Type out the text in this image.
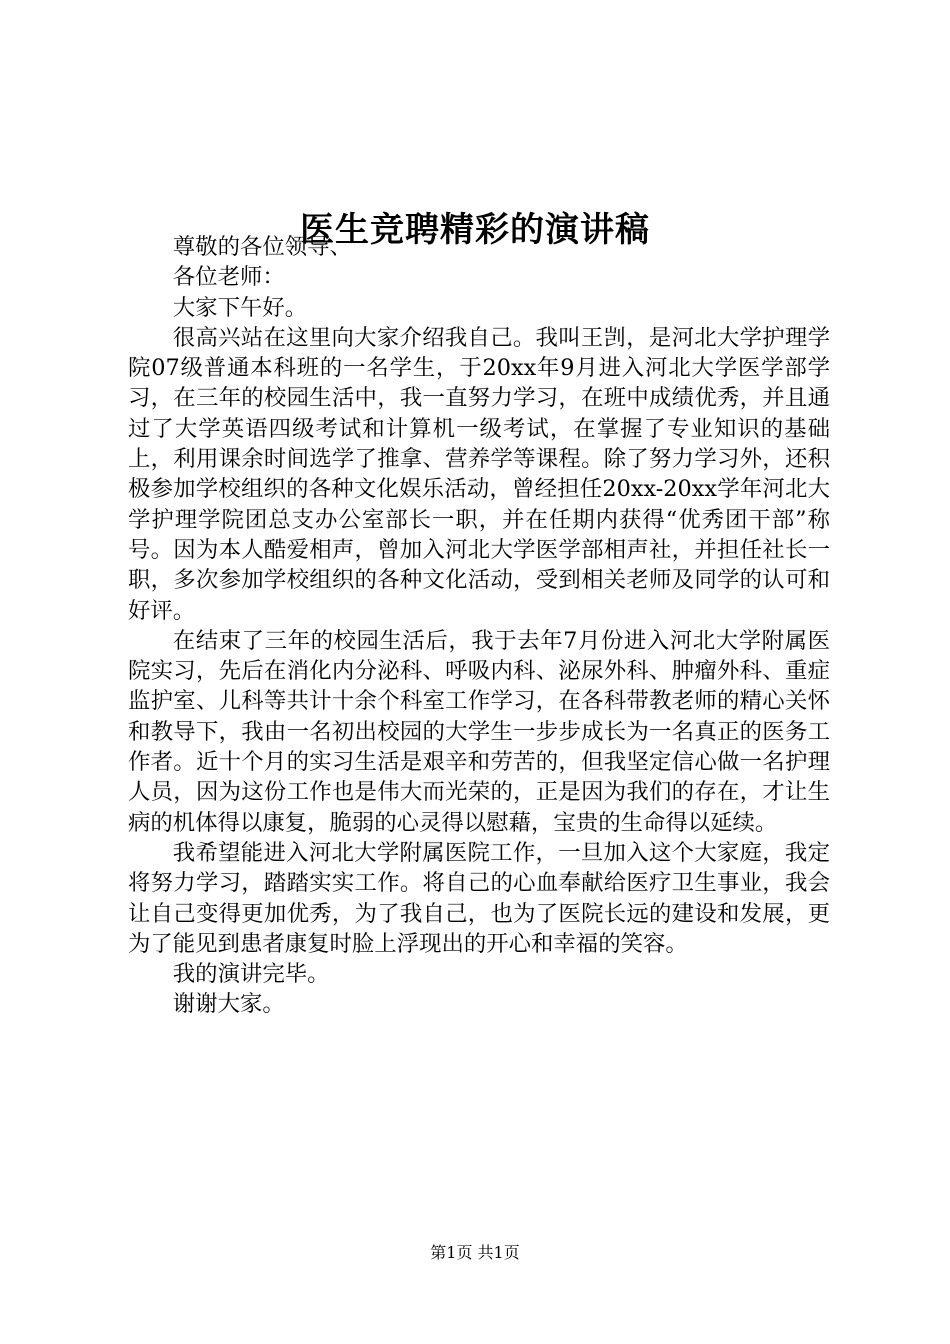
医生竞聘精彩的演讲稿

尊敬的各位领导、

各位老师：

大家下午好。

很高兴站在这里向大家介绍我自己。我叫王剀，是河北大学护理学院07级普通本科班的一名学生，于20xx年9月进入河北大学医学部学习，在三年的校园生活中，我一直努力学习，在班中成绩优秀，并且通过了大学英语四级考试和计算机一级考试，在掌握了专业知识的基础上，利用课余时间选学了推拿、营养学等课程。除了努力学习外，还积极参加学校组织的各种文化娱乐活动，曾经担任20xx-20xx学年河北大学护理学院团总支办公室部长一职，并在任期内获得“优秀团干部”称号。因为本人酷爱相声，曾加入河北大学医学部相声社，并担任社长一职，多次参加学校组织的各种文化活动，受到相关老师及同学的认可和好评。

在结束了三年的校园生活后，我于去年7月份进入河北大学附属医院实习，先后在消化内分泌科、呼吸内科、泌尿外科、肿瘤外科、重症监护室、儿科等共计十余个科室工作学习，在各科带教老师的精心关怀和教导下，我由一名初出校园的大学生一步步成长为一名真正的医务工作者。近十个月的实习生活是艰辛和劳苦的，但我坚定信心做一名护理人员，因为这份工作也是伟大而光荣的，正是因为我们的存在，才让生病的机体得以康复，脆弱的心灵得以慰藉，宝贵的生命得以延续。

我希望能进入河北大学附属医院工作，一旦加入这个大家庭，我定将努力学习，踏踏实实工作。将自己的心血奉献给医疗卫生事业，我会让自己变得更加优秀，为了我自己，也为了医院长远的建设和发展，更为了能见到患者康复时脸上浮现出的开心和幸福的笑容。

我的演讲完毕。

谢谢大家。

第1页 共1页
